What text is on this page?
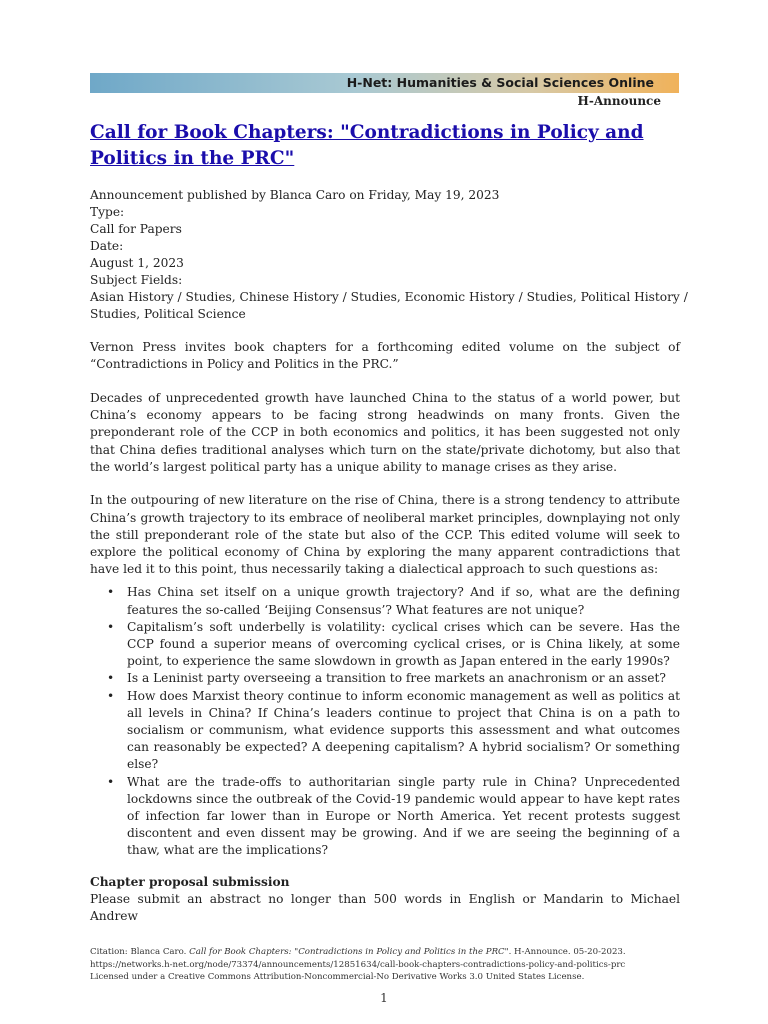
H-Net: Humanities & Social Sciences Online
H-Announce
Call for Book Chapters: "Contradictions in Policy and Politics in the PRC"
Announcement published by Blanca Caro on Friday, May 19, 2023
Type:
Call for Papers
Date:
August 1, 2023
Subject Fields:
Asian History / Studies, Chinese History / Studies, Economic History / Studies, Political History / Studies, Political Science

Vernon Press invites book chapters for a forthcoming edited volume on the subject of “Contradictions in Policy and Politics in the PRC.”

Decades of unprecedented growth have launched China to the status of a world power, but China’s economy appears to be facing strong headwinds on many fronts. Given the preponderant role of the CCP in both economics and politics, it has been suggested not only that China defies traditional analyses which turn on the state/private dichotomy, but also that the world’s largest political party has a unique ability to manage crises as they arise.

In the outpouring of new literature on the rise of China, there is a strong tendency to attribute China’s growth trajectory to its embrace of neoliberal market principles, downplaying not only the still preponderant role of the state but also of the CCP. This edited volume will seek to explore the political economy of China by exploring the many apparent contradictions that have led it to this point, thus necessarily taking a dialectical approach to such questions as:

• Has China set itself on a unique growth trajectory? And if so, what are the defining features the so-called ‘Beijing Consensus’? What features are not unique?
• Capitalism’s soft underbelly is volatility: cyclical crises which can be severe. Has the CCP found a superior means of overcoming cyclical crises, or is China likely, at some point, to experience the same slowdown in growth as Japan entered in the early 1990s?
• Is a Leninist party overseeing a transition to free markets an anachronism or an asset?
• How does Marxist theory continue to inform economic management as well as politics at all levels in China? If China’s leaders continue to project that China is on a path to socialism or communism, what evidence supports this assessment and what outcomes can reasonably be expected? A deepening capitalism? A hybrid socialism? Or something else?
• What are the trade-offs to authoritarian single party rule in China? Unprecedented lockdowns since the outbreak of the Covid-19 pandemic would appear to have kept rates of infection far lower than in Europe or North America. Yet recent protests suggest discontent and even dissent may be growing. And if we are seeing the beginning of a thaw, what are the implications?
Chapter proposal submission
Please submit an abstract no longer than 500 words in English or Mandarin to Michael Andrew
Citation: Blanca Caro. Call for Book Chapters: "Contradictions in Policy and Politics in the PRC". H-Announce. 05-20-2023.
https://networks.h-net.org/node/73374/announcements/12851634/call-book-chapters-contradictions-policy-and-politics-prc
Licensed under a Creative Commons Attribution-Noncommercial-No Derivative Works 3.0 United States License.
1
